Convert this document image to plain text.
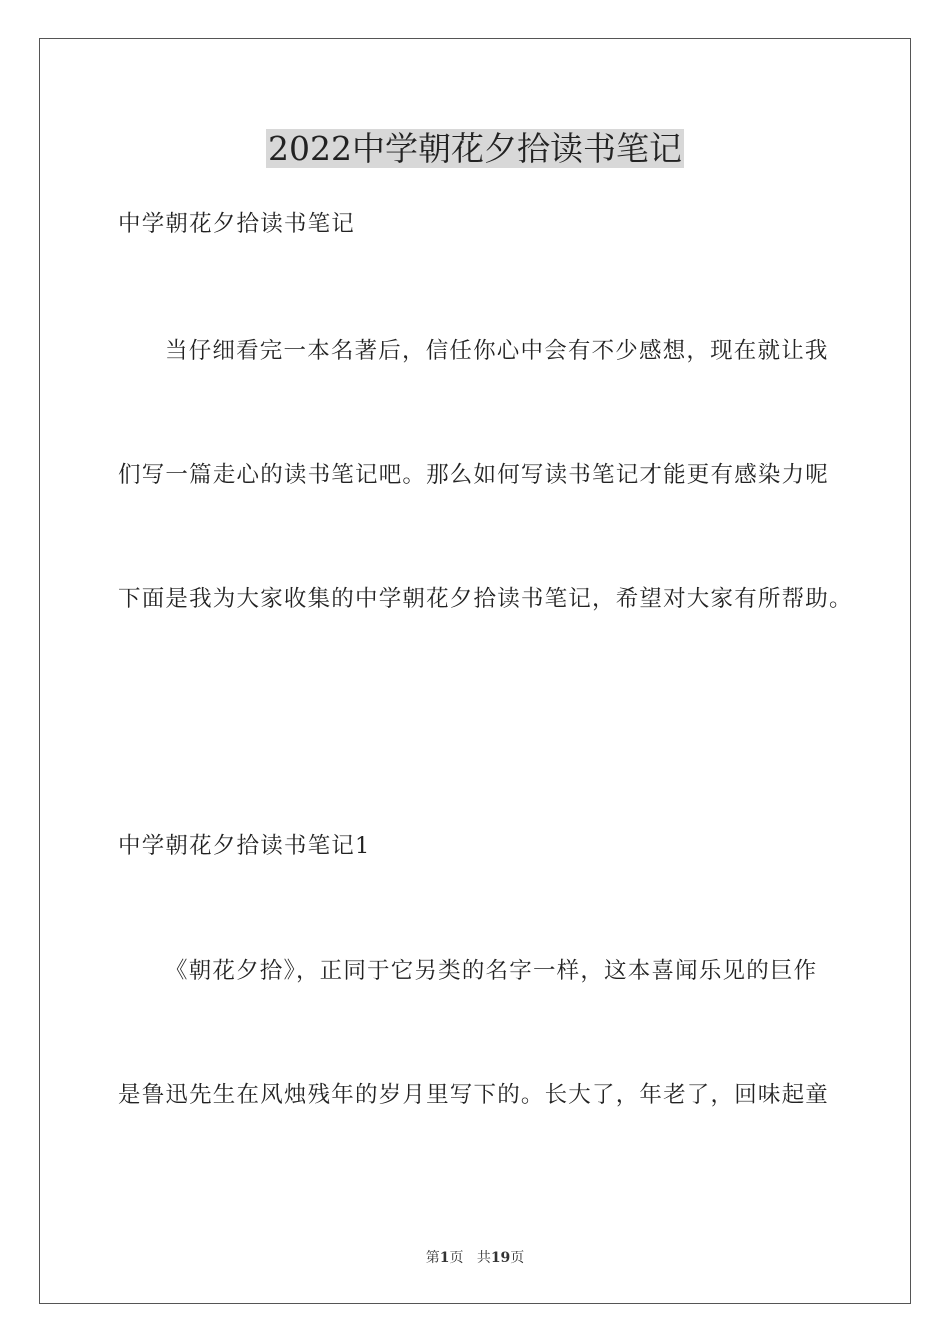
2022中学朝花夕拾读书笔记

中学朝花夕拾读书笔记

当仔细看完一本名著后，信任你心中会有不少感想，现在就让我

们写一篇走心的读书笔记吧。那么如何写读书笔记才能更有感染力呢

下面是我为大家收集的中学朝花夕拾读书笔记，希望对大家有所帮助。

中学朝花夕拾读书笔记1

《朝花夕拾》，正同于它另类的名字一样，这本喜闻乐见的巨作

是鲁迅先生在风烛残年的岁月里写下的。长大了，年老了，回味起童

第1页 共19页
